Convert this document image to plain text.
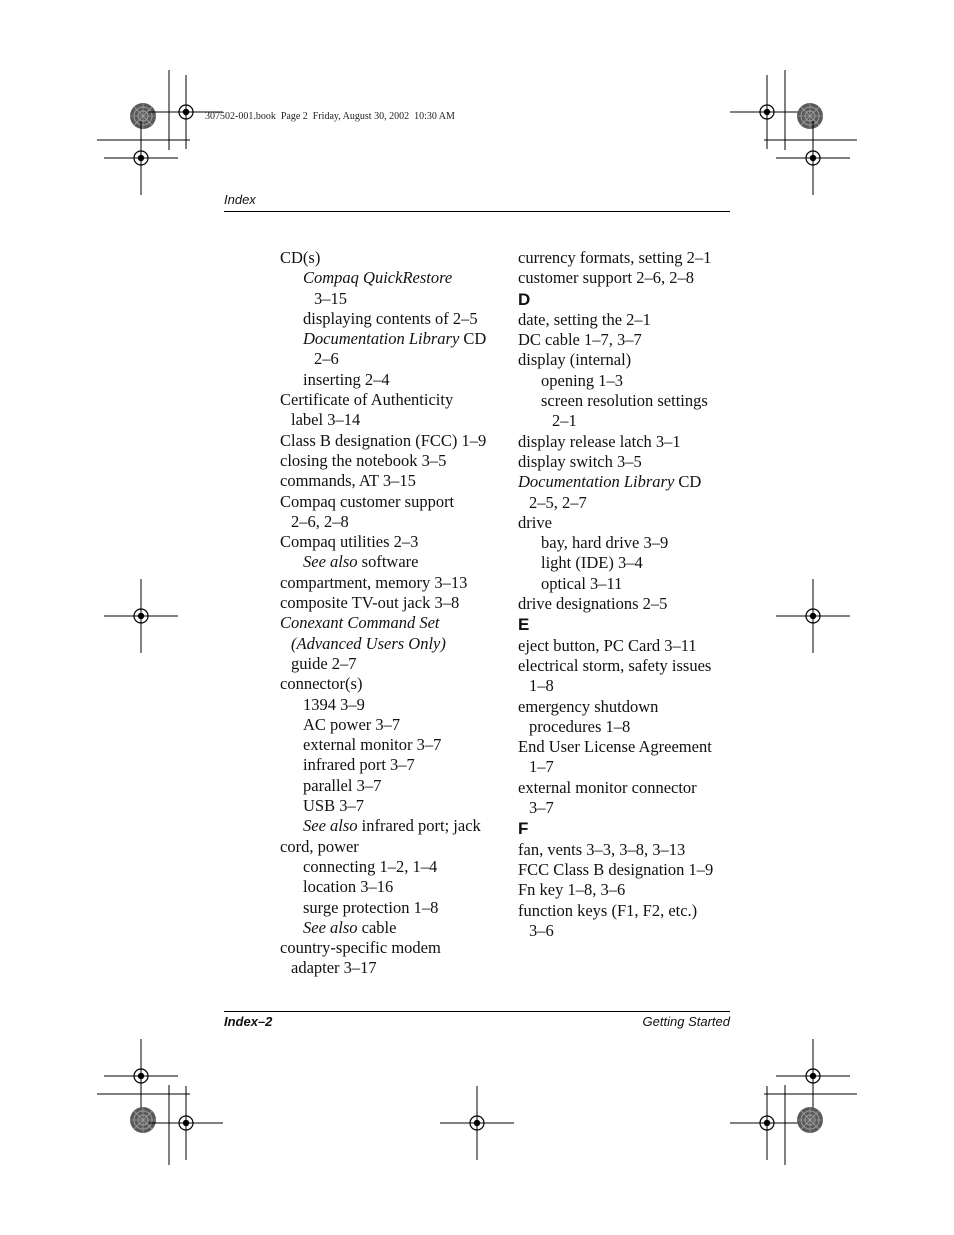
307502-001.book  Page 2  Friday, August 30, 2002  10:30 AM
Index
CD(s)
Compaq QuickRestore
3–15
displaying contents of 2–5
Documentation Library CD
2–6
inserting 2–4
Certificate of Authenticity
label 3–14
Class B designation (FCC) 1–9
closing the notebook 3–5
commands, AT 3–15
Compaq customer support
2–6, 2–8
Compaq utilities 2–3
See also software
compartment, memory 3–13
composite TV-out jack 3–8
Conexant Command Set
(Advanced Users Only)
guide 2–7
connector(s)
1394 3–9
AC power 3–7
external monitor 3–7
infrared port 3–7
parallel 3–7
USB 3–7
See also infrared port; jack
cord, power
connecting 1–2, 1–4
location 3–16
surge protection 1–8
See also cable
country-specific modem
adapter 3–17
currency formats, setting 2–1
customer support 2–6, 2–8
D
date, setting the 2–1
DC cable 1–7, 3–7
display (internal)
opening 1–3
screen resolution settings
2–1
display release latch 3–1
display switch 3–5
Documentation Library CD
2–5, 2–7
drive
bay, hard drive 3–9
light (IDE) 3–4
optical 3–11
drive designations 2–5
E
eject button, PC Card 3–11
electrical storm, safety issues
1–8
emergency shutdown
procedures 1–8
End User License Agreement
1–7
external monitor connector
3–7
F
fan, vents 3–3, 3–8, 3–13
FCC Class B designation 1–9
Fn key 1–8, 3–6
function keys (F1, F2, etc.)
3–6
Index–2	Getting Started
